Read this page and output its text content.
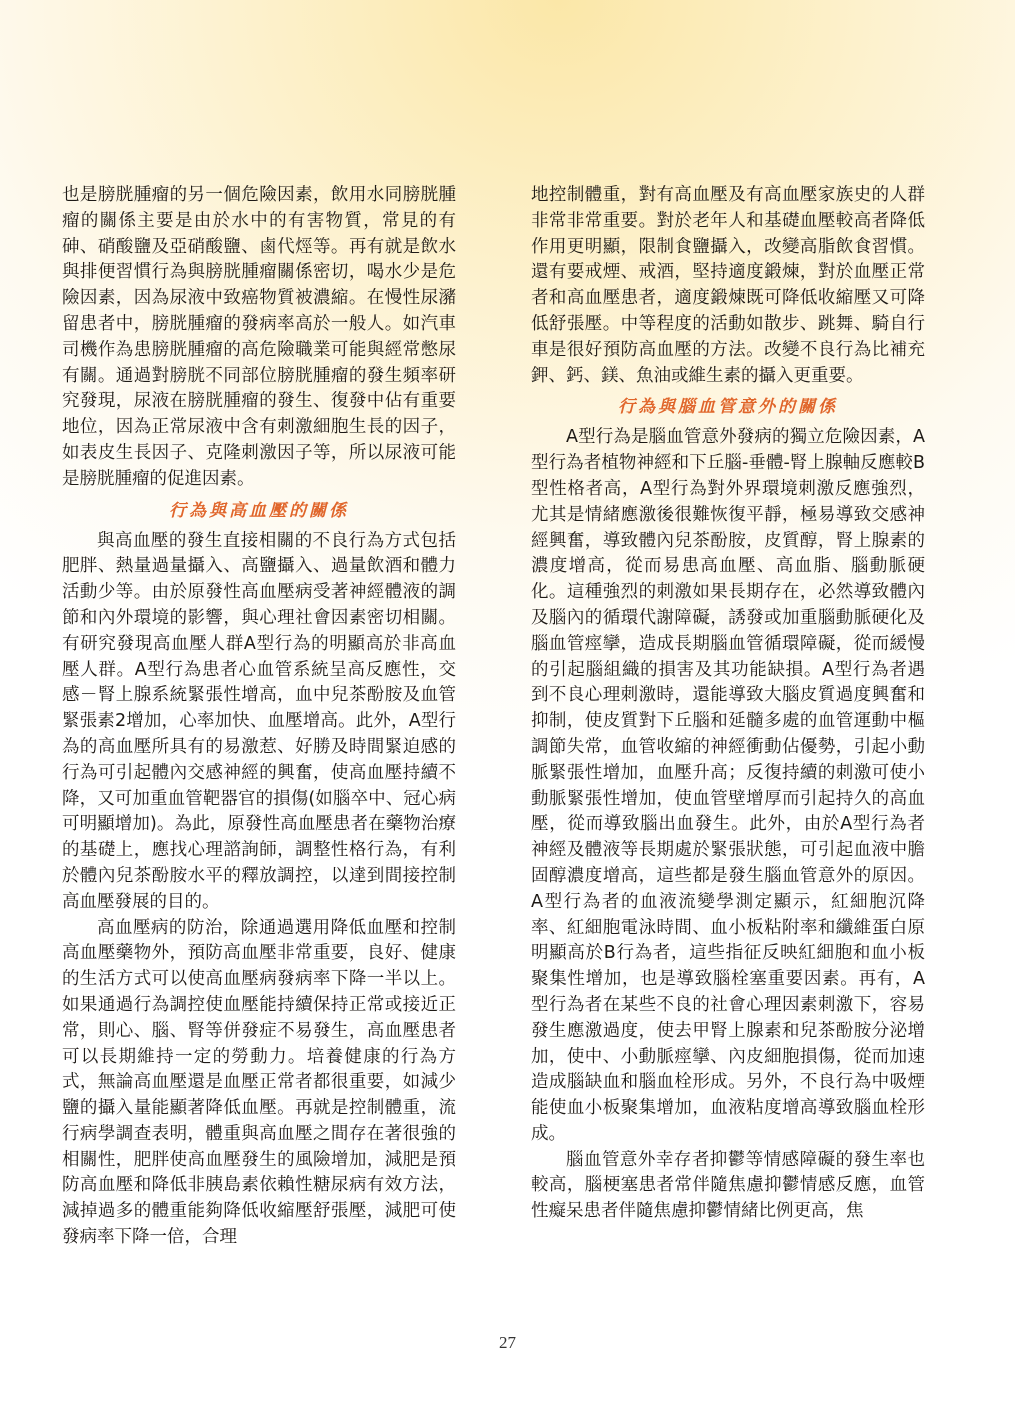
也是膀胱腫瘤的另一個危險因素，飲用水同膀胱腫瘤的關係主要是由於水中的有害物質，常見的有砷、硝酸鹽及亞硝酸鹽、鹵代烴等。再有就是飲水與排便習慣行為與膀胱腫瘤關係密切，喝水少是危險因素，因為尿液中致癌物質被濃縮。在慢性尿瀦留患者中，膀胱腫瘤的發病率高於一般人。如汽車司機作為患膀胱腫瘤的高危險職業可能與經常憋尿有關。通過對膀胱不同部位膀胱腫瘤的發生頻率研究發現，尿液在膀胱腫瘤的發生、復發中佔有重要地位，因為正常尿液中含有刺激細胞生長的因子，如表皮生長因子、克隆刺激因子等，所以尿液可能是膀胱腫瘤的促進因素。

行為與高血壓的關係

與高血壓的發生直接相關的不良行為方式包括肥胖、熱量過量攝入、高鹽攝入、過量飲酒和體力活動少等。由於原發性高血壓病受著神經體液的調節和內外環境的影響，與心理社會因素密切相關。有研究發現高血壓人群A型行為的明顯高於非高血壓人群。A型行為患者心血管系統呈高反應性，交感－腎上腺系統緊張性增高，血中兒茶酚胺及血管緊張素2增加，心率加快、血壓增高。此外，A型行為的高血壓所具有的易激惹、好勝及時間緊迫感的行為可引起體內交感神經的興奮，使高血壓持續不降，又可加重血管靶器官的損傷(如腦卒中、冠心病可明顯增加)。為此，原發性高血壓患者在藥物治療的基礎上，應找心理諮詢師，調整性格行為，有利於體內兒茶酚胺水平的釋放調控，以達到間接控制高血壓發展的目的。

高血壓病的防治，除通過選用降低血壓和控制高血壓藥物外，預防高血壓非常重要，良好、健康的生活方式可以使高血壓病發病率下降一半以上。如果通過行為調控使血壓能持續保持正常或接近正常，則心、腦、腎等併發症不易發生，高血壓患者可以長期維持一定的勞動力。培養健康的行為方式，無論高血壓還是血壓正常者都很重要，如減少鹽的攝入量能顯著降低血壓。再就是控制體重，流行病學調查表明，體重與高血壓之間存在著很強的相關性，肥胖使高血壓發生的風險增加，減肥是預防高血壓和降低非胰島素依賴性糖尿病有效方法，減掉過多的體重能夠降低收縮壓舒張壓，減肥可使發病率下降一倍，合理

地控制體重，對有高血壓及有高血壓家族史的人群非常非常重要。對於老年人和基礎血壓較高者降低作用更明顯，限制食鹽攝入，改變高脂飲食習慣。還有要戒煙、戒酒，堅持適度鍛煉，對於血壓正常者和高血壓患者，適度鍛煉既可降低收縮壓又可降低舒張壓。中等程度的活動如散步、跳舞、騎自行車是很好預防高血壓的方法。改變不良行為比補充鉀、鈣、鎂、魚油或維生素的攝入更重要。

行為與腦血管意外的關係

A型行為是腦血管意外發病的獨立危險因素，A型行為者植物神經和下丘腦-垂體-腎上腺軸反應較B型性格者高，A型行為對外界環境刺激反應強烈，尤其是情緒應激後很難恢復平靜，極易導致交感神經興奮，導致體內兒茶酚胺，皮質醇，腎上腺素的濃度增高，從而易患高血壓、高血脂、腦動脈硬化。這種強烈的刺激如果長期存在，必然導致體內及腦內的循環代謝障礙，誘發或加重腦動脈硬化及腦血管痙攣，造成長期腦血管循環障礙，從而緩慢的引起腦組織的損害及其功能缺損。A型行為者遇到不良心理刺激時，還能導致大腦皮質過度興奮和抑制，使皮質對下丘腦和延髓多處的血管運動中樞調節失常，血管收縮的神經衝動佔優勢，引起小動脈緊張性增加，血壓升高；反復持續的刺激可使小動脈緊張性增加，使血管壁增厚而引起持久的高血壓，從而導致腦出血發生。此外，由於A型行為者神經及體液等長期處於緊張狀態，可引起血液中膽固醇濃度增高，這些都是發生腦血管意外的原因。A型行為者的血液流變學測定顯示，紅細胞沉降率、紅細胞電泳時間、血小板粘附率和纖維蛋白原明顯高於B行為者，這些指征反映紅細胞和血小板聚集性增加，也是導致腦栓塞重要因素。再有，A型行為者在某些不良的社會心理因素刺激下，容易發生應激過度，使去甲腎上腺素和兒茶酚胺分泌增加，使中、小動脈痙攣、內皮細胞損傷，從而加速造成腦缺血和腦血栓形成。另外，不良行為中吸煙能使血小板聚集增加，血液粘度增高導致腦血栓形成。

腦血管意外幸存者抑鬱等情感障礙的發生率也較高，腦梗塞患者常伴隨焦慮抑鬱情感反應，血管性癡呆患者伴隨焦慮抑鬱情緒比例更高，焦

27
